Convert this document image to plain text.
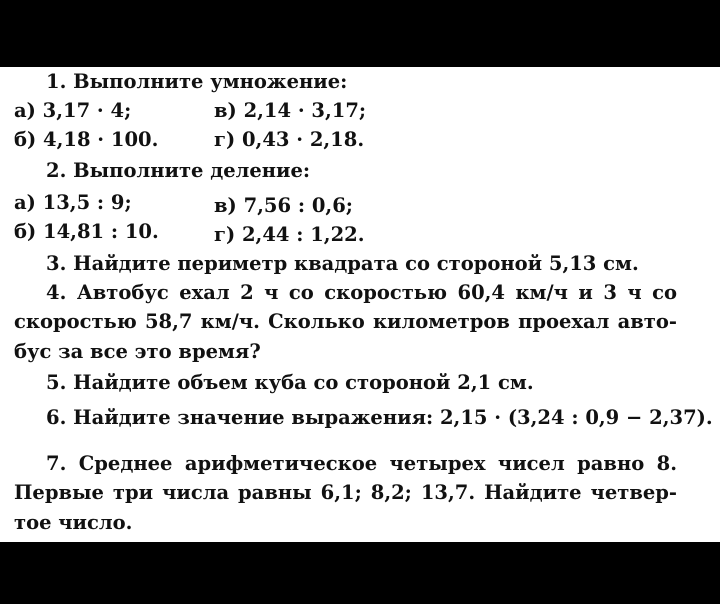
1. Выполните умножение:
а) 3,17 · 4;	в) 2,14 · 3,17;
б) 4,18 · 100.	г) 0,43 · 2,18.
2. Выполните деление:
а) 13,5 : 9;	в) 7,56 : 0,6;
б) 14,81 : 10.	г) 2,44 : 1,22.
3. Найдите периметр квадрата со стороной 5,13 см.
4. Автобус ехал 2 ч со скоростью 60,4 км/ч и 3 ч со
скоростью 58,7 км/ч. Сколько километров проехал авто-
бус за все это время?
5. Найдите объем куба со стороной 2,1 см.
6. Найдите значение выражения: 2,15 · (3,24 : 0,9 − 2,37).
7. Среднее арифметическое четырех чисел равно 8.
Первые три числа равны 6,1; 8,2; 13,7. Найдите четвер-
тое число.
